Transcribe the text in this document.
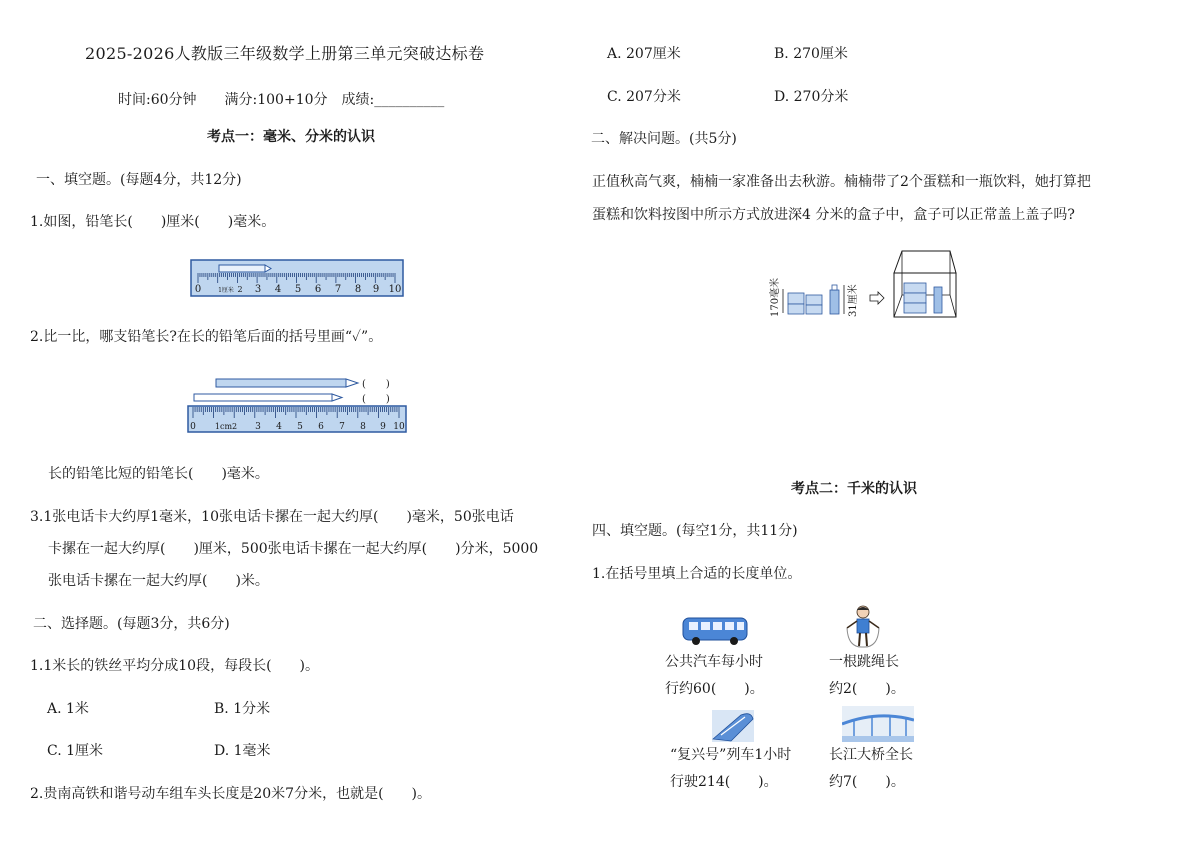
2025-2026人教版三年级数学上册第三单元突破达标卷
时间:60分钟　　满分:100+10分　成绩:__________
考点一：毫米、分米的认识
一、填空题。(每题4分，共12分)
1.如图，铅笔长(　　)厘米(　　)毫米。
0	1厘米 3 4 5 6 7 8 9 10
2
2.比一比，哪支铅笔长?在长的铅笔后面的括号里画“✓”。
(　　)
(　　)
0 1cm2 3 4 5 6 7 8 9 10
长的铅笔比短的铅笔长(　　)毫米。
3.1张电话卡大约厚1毫米，10张电话卡摞在一起大约厚(　　)毫米，50张电话
卡摞在一起大约厚(　　)厘米，500张电话卡摞在一起大约厚(　　)分米，5000
张电话卡摞在一起大约厚(　　)米。
二、选择题。(每题3分，共6分)
1.1米长的铁丝平均分成10段，每段长(　　)。
A. 1米	B. 1分米
C. 1厘米	D. 1毫米
2.贵南高铁和谐号动车组车头长度是20米7分米，也就是(　　)。
A. 207厘米	B. 270厘米
C. 207分米	D. 270分米
二、解决问题。(共5分)
正值秋高气爽，楠楠一家准备出去秋游。楠楠带了2个蛋糕和一瓶饮料，她打算把
蛋糕和饮料按图中所示方式放进深4 分米的盒子中，盒子可以正常盖上盖子吗?
170毫米	31厘米
考点二：千米的认识
四、填空题。(每空1分，共11分)
1.在括号里填上合适的长度单位。
公共汽车每小时
行约60(　　)。
一根跳绳长
约2(　　)。
“复兴号”列车1小时
行驶214(　　)。
长江大桥全长
约7(　　)。
